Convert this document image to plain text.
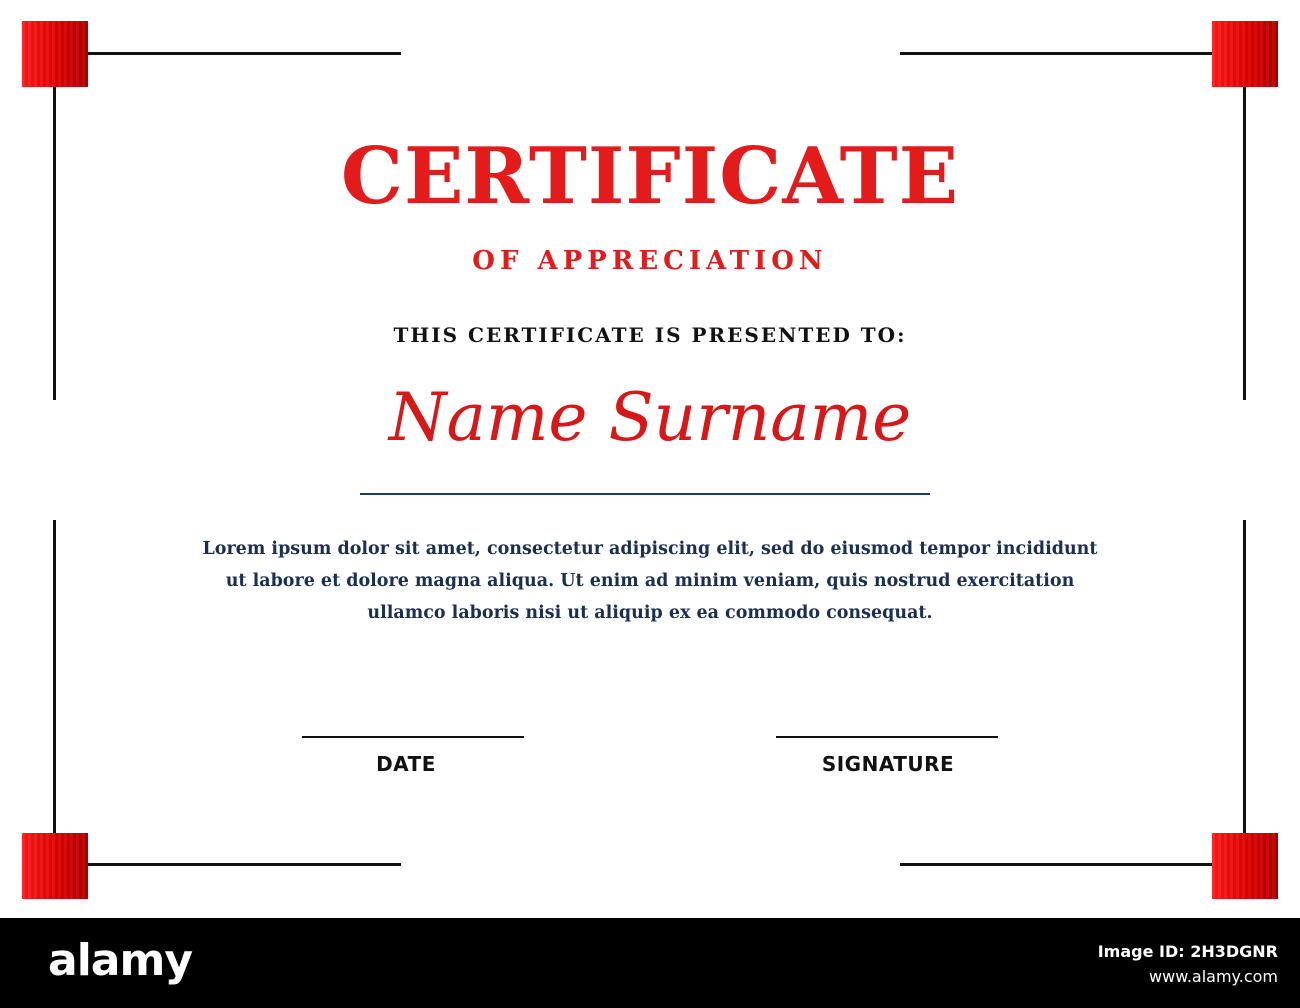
CERTIFICATE
OF APPRECIATION
THIS CERTIFICATE IS PRESENTED TO:
Name Surname
Lorem ipsum dolor sit amet, consectetur adipiscing elit, sed do eiusmod tempor incididunt ut labore et dolore magna aliqua. Ut enim ad minim veniam, quis nostrud exercitation ullamco laboris nisi ut aliquip ex ea commodo consequat.
DATE	SIGNATURE
alamy	Image ID: 2H3DGNR
www.alamy.com
